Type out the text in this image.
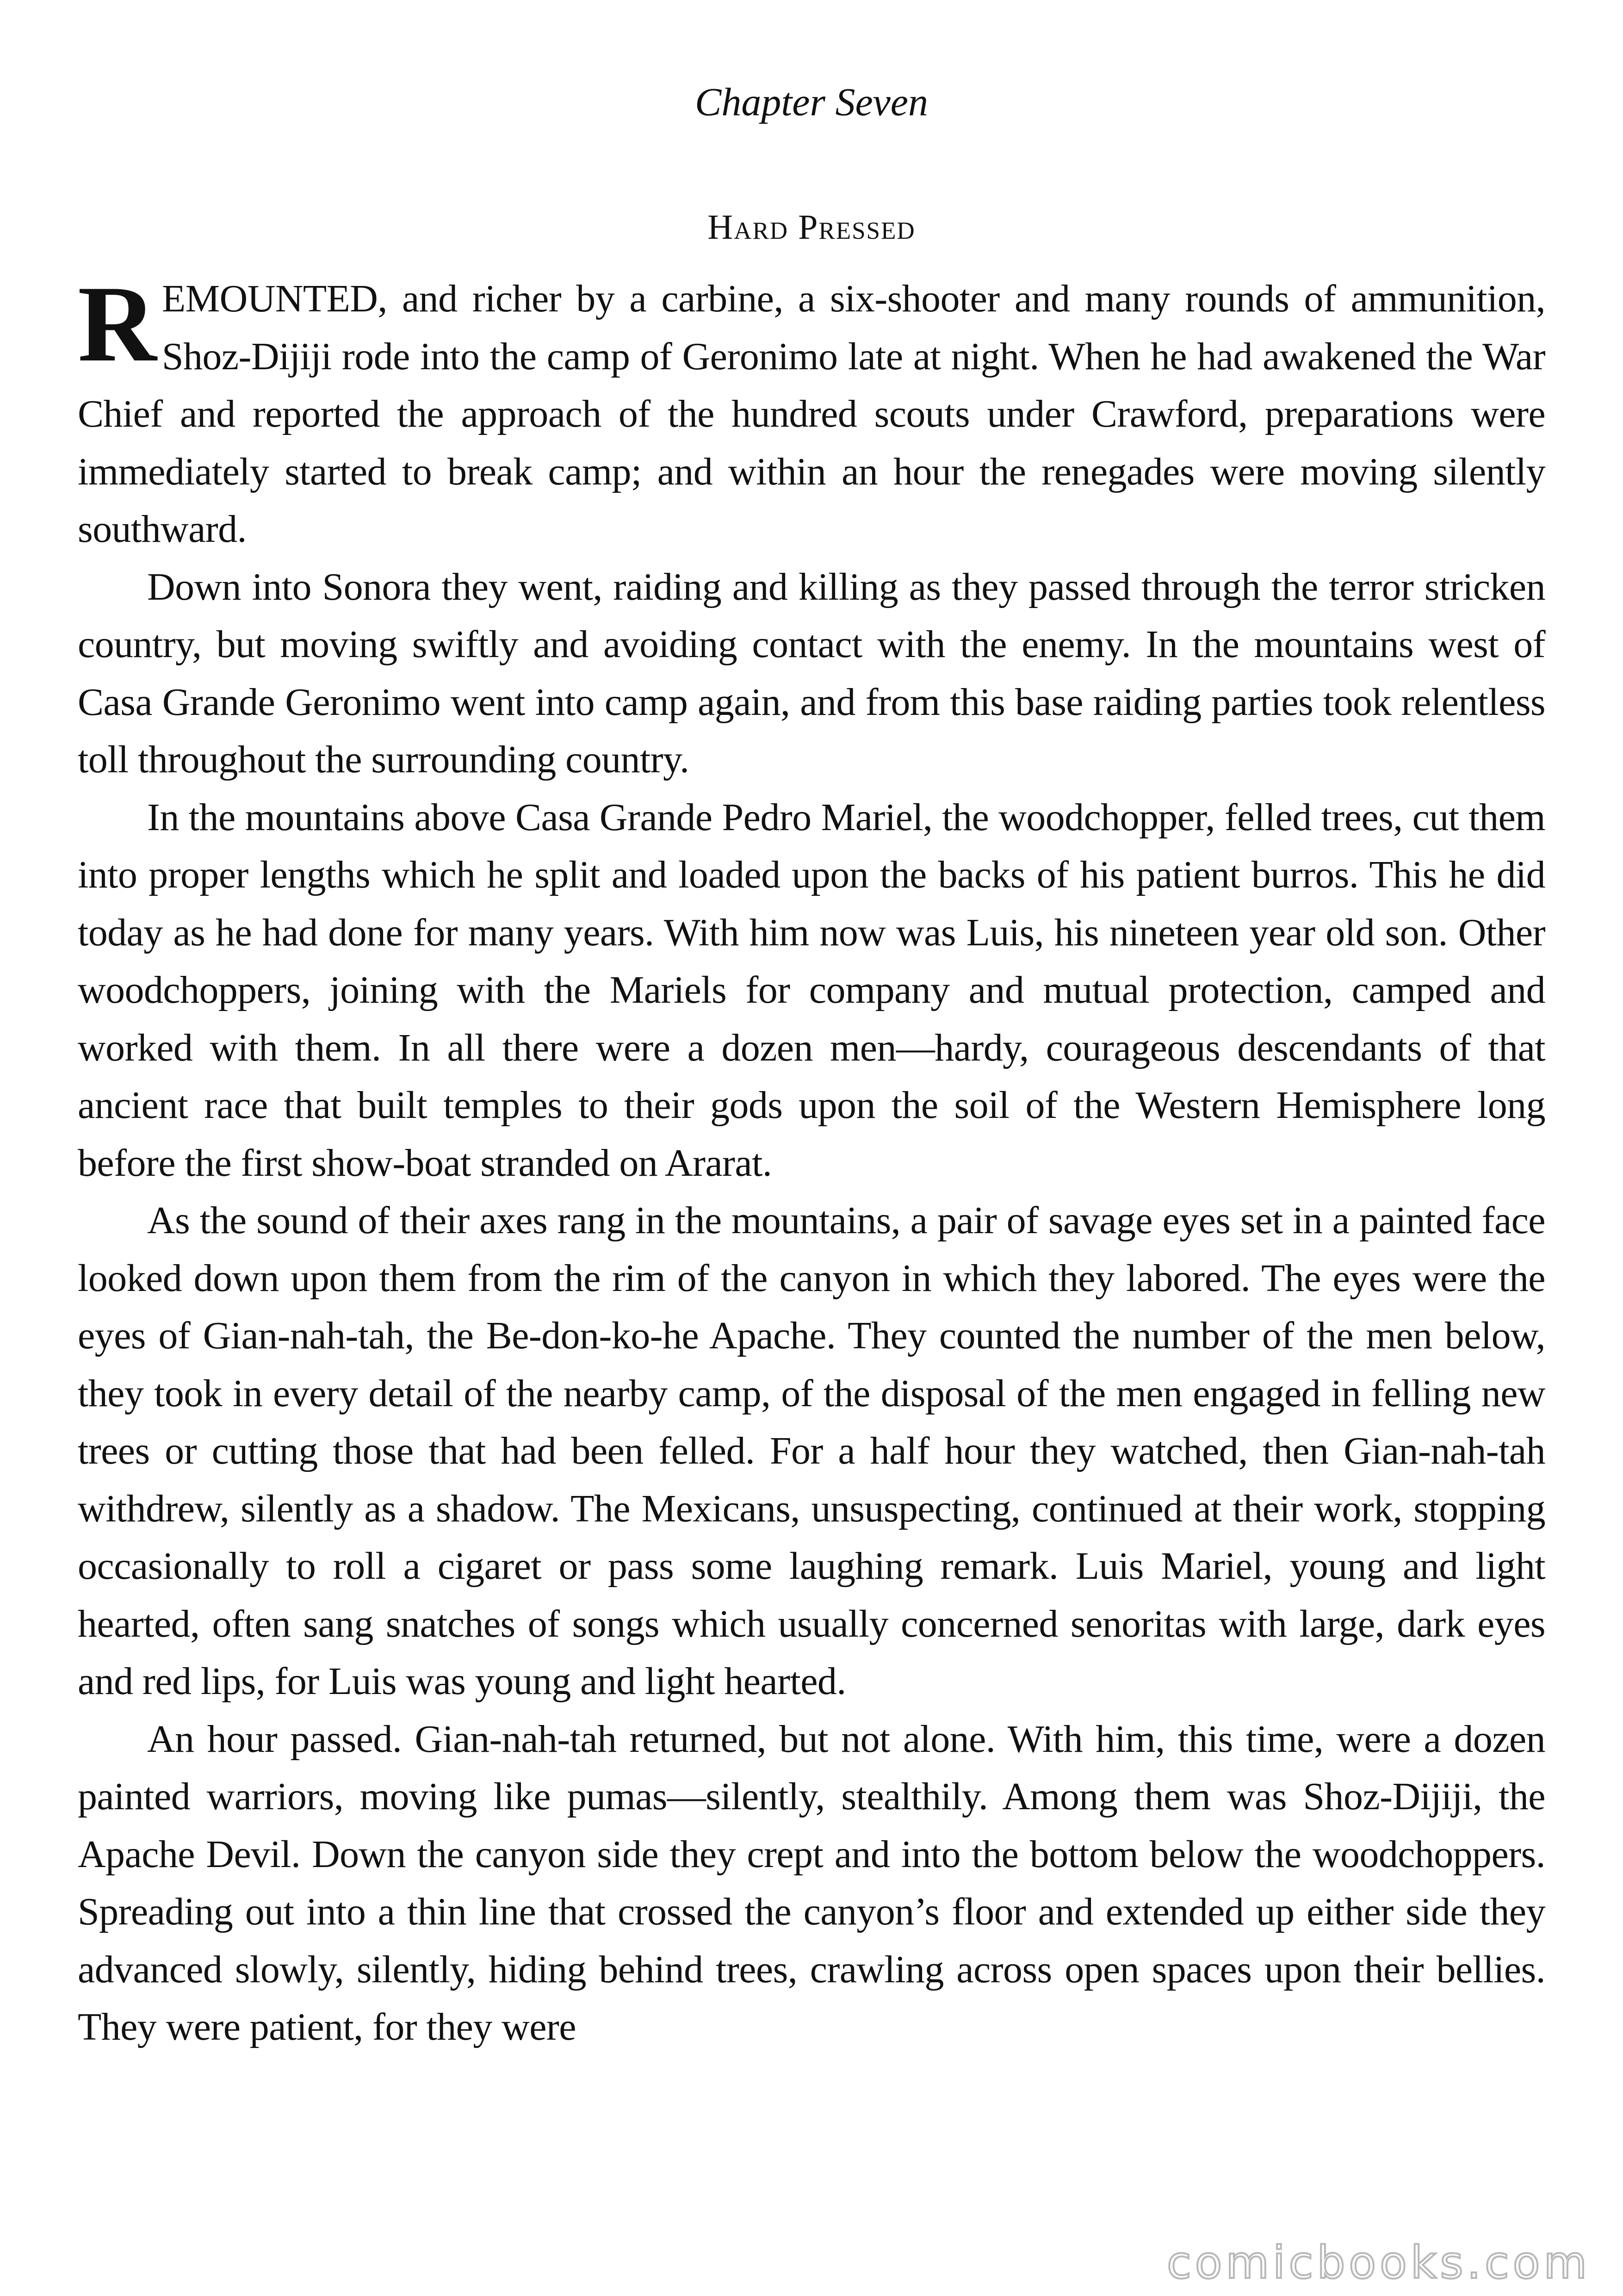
Chapter Seven
Hard Pressed

REMOUNTED, and richer by a carbine, a six-shooter and many rounds of ammunition, Shoz-Dijiji rode into the camp of Geronimo late at night. When he had awakened the War Chief and reported the approach of the hundred scouts under Crawford, preparations were immediately started to break camp; and within an hour the renegades were moving silently southward.

Down into Sonora they went, raiding and killing as they passed through the terror stricken country, but moving swiftly and avoiding contact with the enemy. In the mountains west of Casa Grande Geronimo went into camp again, and from this base raiding parties took relentless toll throughout the surrounding country.

In the mountains above Casa Grande Pedro Mariel, the woodchopper, felled trees, cut them into proper lengths which he split and loaded upon the backs of his patient burros. This he did today as he had done for many years. With him now was Luis, his nineteen year old son. Other woodchoppers, joining with the Mariels for company and mutual protection, camped and worked with them. In all there were a dozen men—hardy, courageous descendants of that ancient race that built temples to their gods upon the soil of the Western Hemisphere long before the first show-boat stranded on Ararat.

As the sound of their axes rang in the mountains, a pair of savage eyes set in a painted face looked down upon them from the rim of the canyon in which they labored. The eyes were the eyes of Gian-nah-tah, the Be-don-ko-he Apache. They counted the number of the men below, they took in every detail of the nearby camp, of the disposal of the men engaged in felling new trees or cutting those that had been felled. For a half hour they watched, then Gian-nah-tah withdrew, silently as a shadow. The Mexicans, unsuspecting, continued at their work, stopping occasionally to roll a cigaret or pass some laughing remark. Luis Mariel, young and light hearted, often sang snatches of songs which usually concerned senoritas with large, dark eyes and red lips, for Luis was young and light hearted.

An hour passed. Gian-nah-tah returned, but not alone. With him, this time, were a dozen painted warriors, moving like pumas—silently, stealthily. Among them was Shoz-Dijiji, the Apache Devil. Down the canyon side they crept and into the bottom below the woodchoppers. Spreading out into a thin line that crossed the canyon’s floor and extended up either side they advanced slowly, silently, hiding behind trees, crawling across open spaces upon their bellies. They were patient, for they were

comicbooks.com
